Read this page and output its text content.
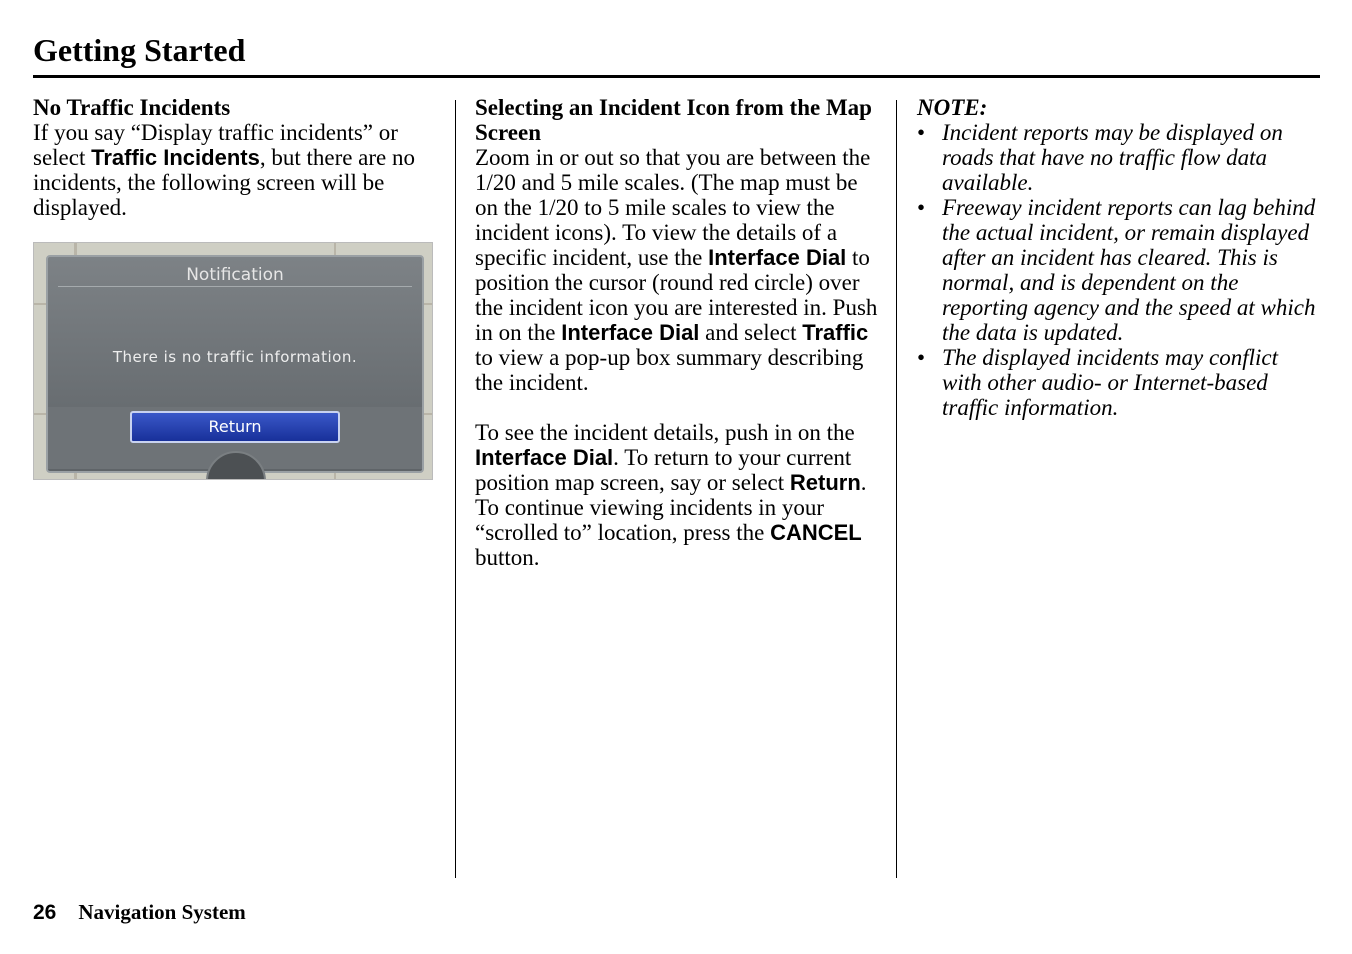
Getting Started
No Traffic Incidents

If you say “Display traffic incidents” or select Traffic Incidents, but there are no incidents, the following screen will be displayed.

Notification
There is no traffic information.
Return
Selecting an Incident Icon from the Map Screen

Zoom in or out so that you are between the 1/20 and 5 mile scales. (The map must be on the 1/20 to 5 mile scales to view the incident icons). To view the details of a specific incident, use the Interface Dial to position the cursor (round red circle) over the incident icon you are interested in. Push in on the Interface Dial and select Traffic to view a pop-up box summary describing the incident.

To see the incident details, push in on the Interface Dial. To return to your current position map screen, say or select Return. To continue viewing incidents in your “scrolled to” location, press the CANCEL button.

NOTE:
• Incident reports may be displayed on roads that have no traffic flow data available.
• Freeway incident reports can lag behind the actual incident, or remain displayed after an incident has cleared. This is normal, and is dependent on the reporting agency and the speed at which the data is updated.
• The displayed incidents may conflict with other audio- or Internet-based traffic information.
26 Navigation System
